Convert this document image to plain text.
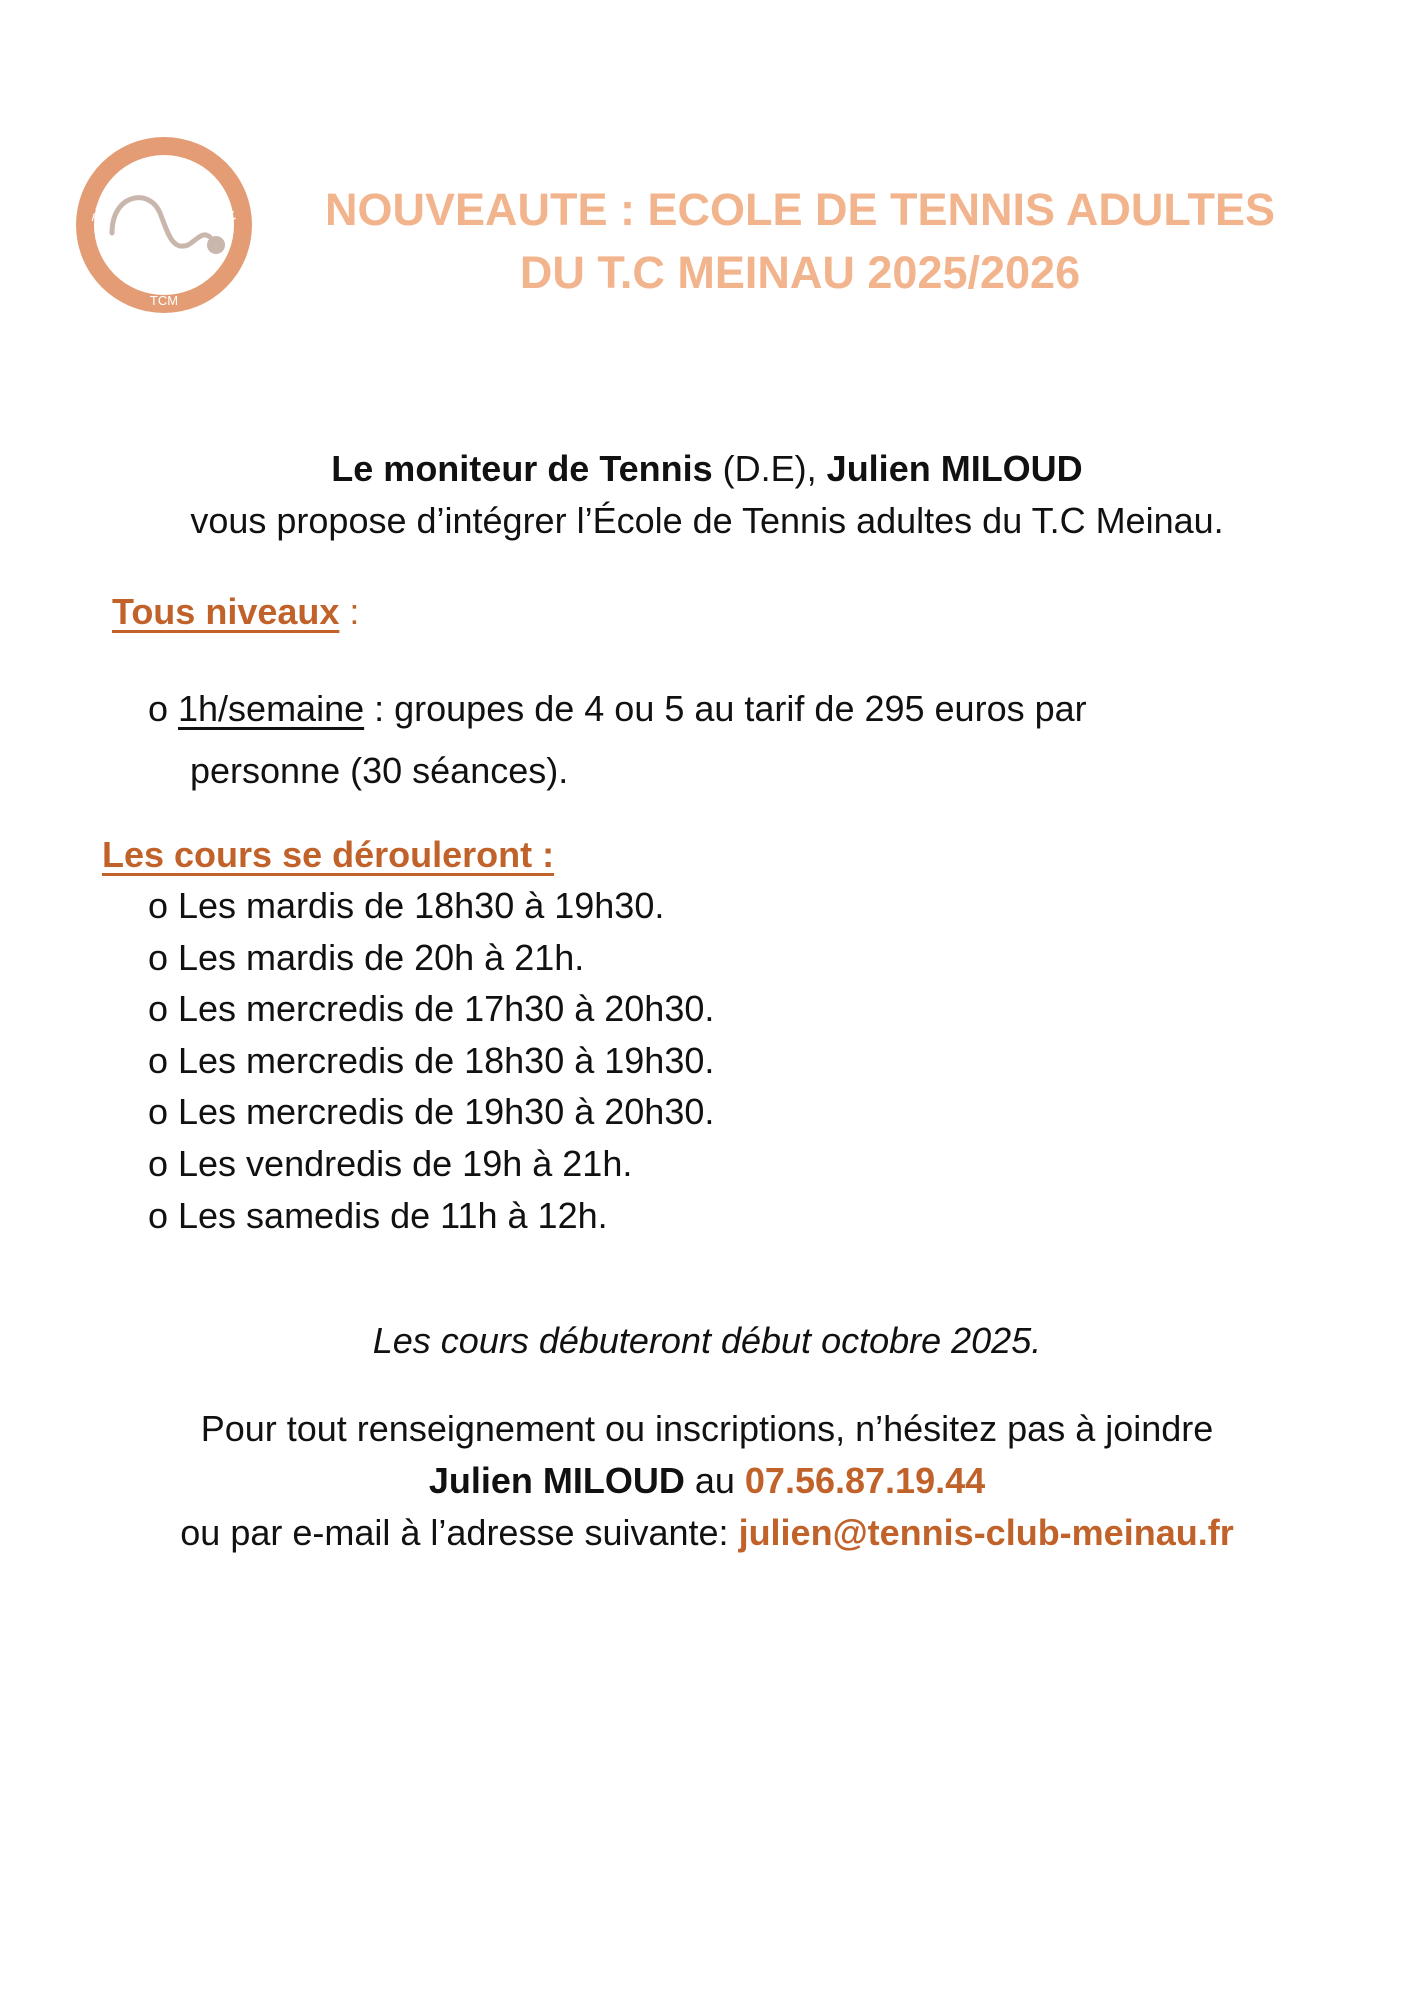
TENNIS CLUB MEINAU
TCM
NOUVEAUTE : ECOLE DE TENNIS ADULTES
DU T.C MEINAU 2025/2026
Le moniteur de Tennis (D.E), Julien MILOUD
vous propose d’intégrer l’École de Tennis adultes du T.C Meinau.
Tous niveaux :
o 1h/semaine : groupes de 4 ou 5 au tarif de 295 euros par
personne (30 séances).
Les cours se dérouleront :
o Les mardis de 18h30 à 19h30.
o Les mardis de 20h à 21h.
o Les mercredis de 17h30 à 20h30.
o Les mercredis de 18h30 à 19h30.
o Les mercredis de 19h30 à 20h30.
o Les vendredis de 19h à 21h.
o Les samedis de 11h à 12h.
Les cours débuteront début octobre 2025.
Pour tout renseignement ou inscriptions, n’hésitez pas à joindre
Julien MILOUD au 07.56.87.19.44
ou par e-mail à l’adresse suivante: julien@tennis-club-meinau.fr
